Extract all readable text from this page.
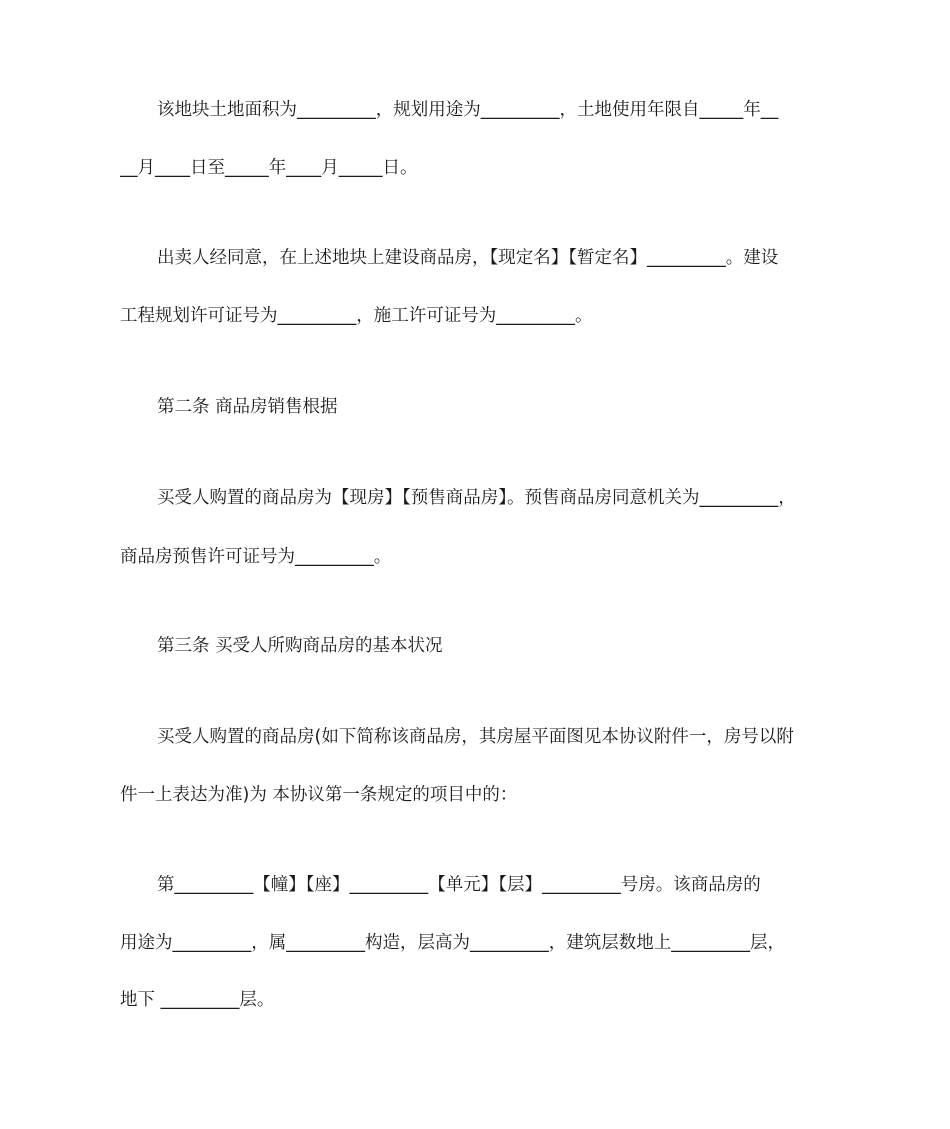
该地块土地面积为_________，规划用途为_________，土地使用年限自_____年__
__月____日至_____年____月_____日。
出卖人经同意，在上述地块上建设商品房，【现定名】【暂定名】_________。建设
工程规划许可证号为_________，施工许可证号为_________。
第二条 商品房销售根据
买受人购置的商品房为【现房】【预售商品房】。预售商品房同意机关为_________，
商品房预售许可证号为_________。
第三条 买受人所购商品房的基本状况
买受人购置的商品房(如下简称该商品房，其房屋平面图见本协议附件一，房号以附
件一上表达为准)为 本协议第一条规定的项目中的：
第_________【幢】【座】_________【单元】【层】_________号房。该商品房的
用途为_________，属_________构造，层高为_________，建筑层数地上_________层，
地下 _________层。
